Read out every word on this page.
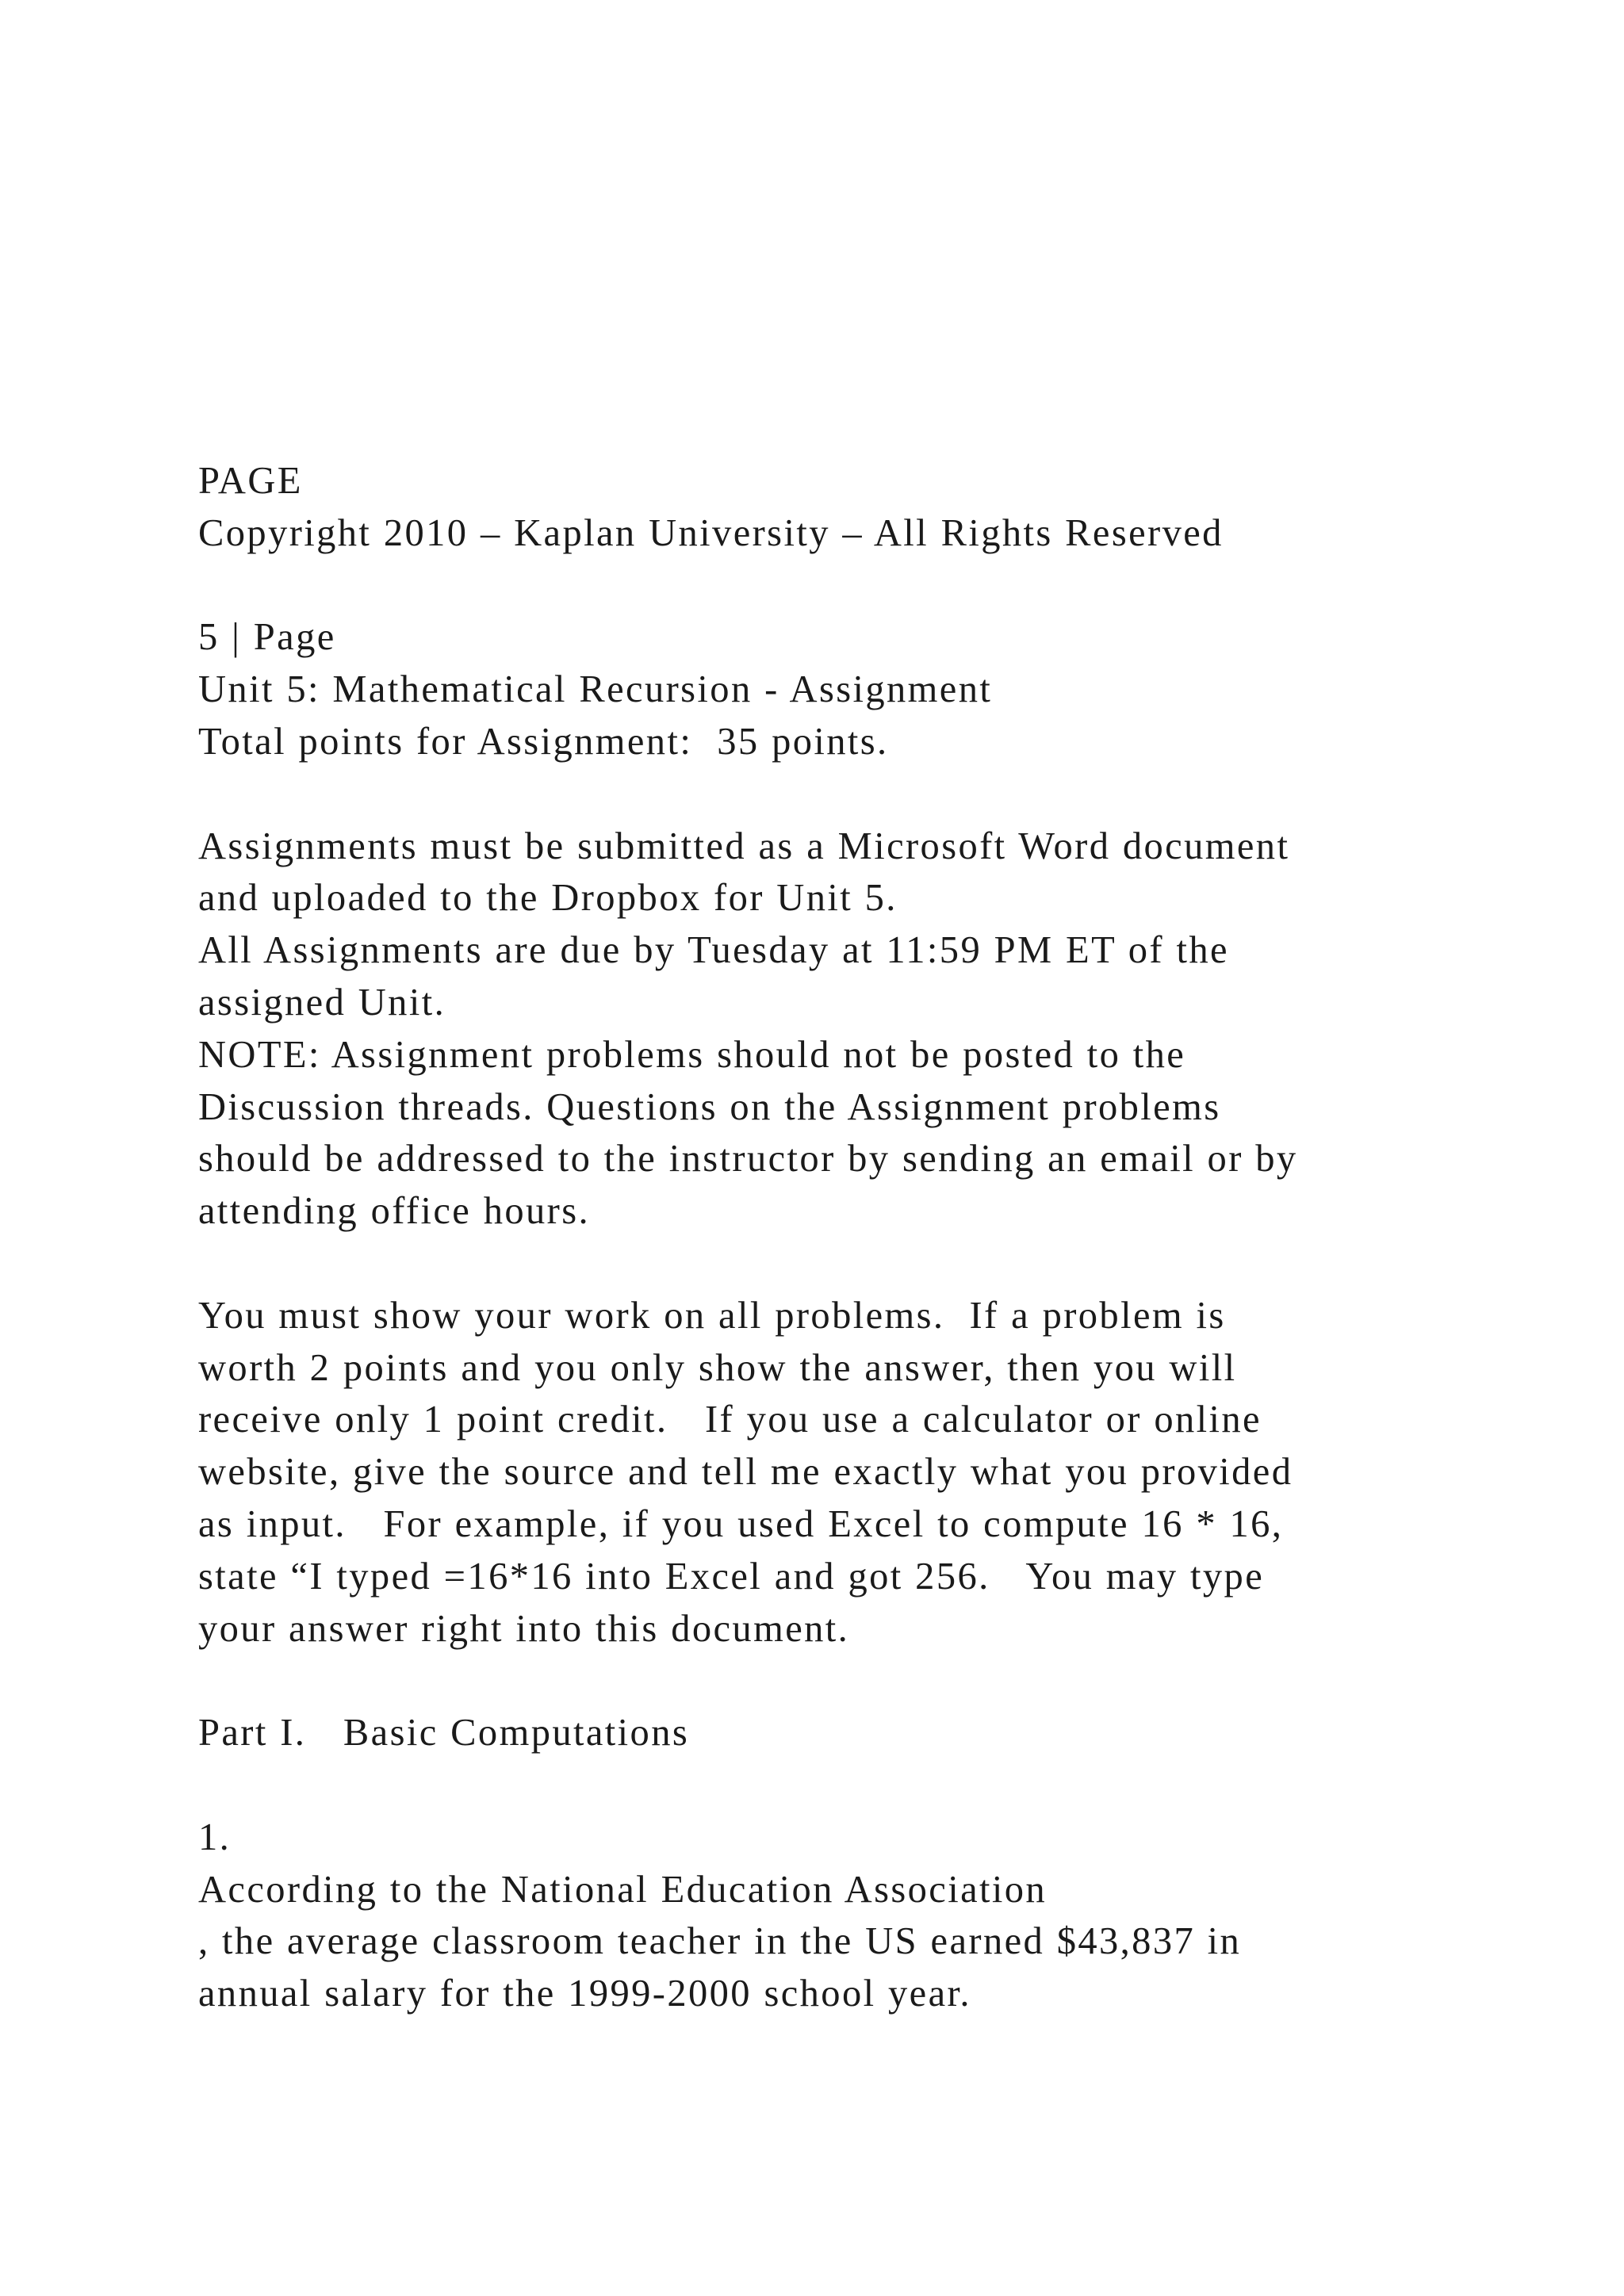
PAGE
Copyright 2010 – Kaplan University – All Rights Reserved
5 | Page
Unit 5: Mathematical Recursion - Assignment
Total points for Assignment:  35 points.
Assignments must be submitted as a Microsoft Word document
and uploaded to the Dropbox for Unit 5.
All Assignments are due by Tuesday at 11:59 PM ET of the
assigned Unit.
NOTE: Assignment problems should not be posted to the
Discussion threads. Questions on the Assignment problems
should be addressed to the instructor by sending an email or by
attending office hours.
You must show your work on all problems.  If a problem is
worth 2 points and you only show the answer, then you will
receive only 1 point credit.   If you use a calculator or online
website, give the source and tell me exactly what you provided
as input.   For example, if you used Excel to compute 16 * 16,
state “I typed =16*16 into Excel and got 256.   You may type
your answer right into this document.
Part I.   Basic Computations
1.
According to the National Education Association
, the average classroom teacher in the US earned $43,837 in
annual salary for the 1999-2000 school year.
